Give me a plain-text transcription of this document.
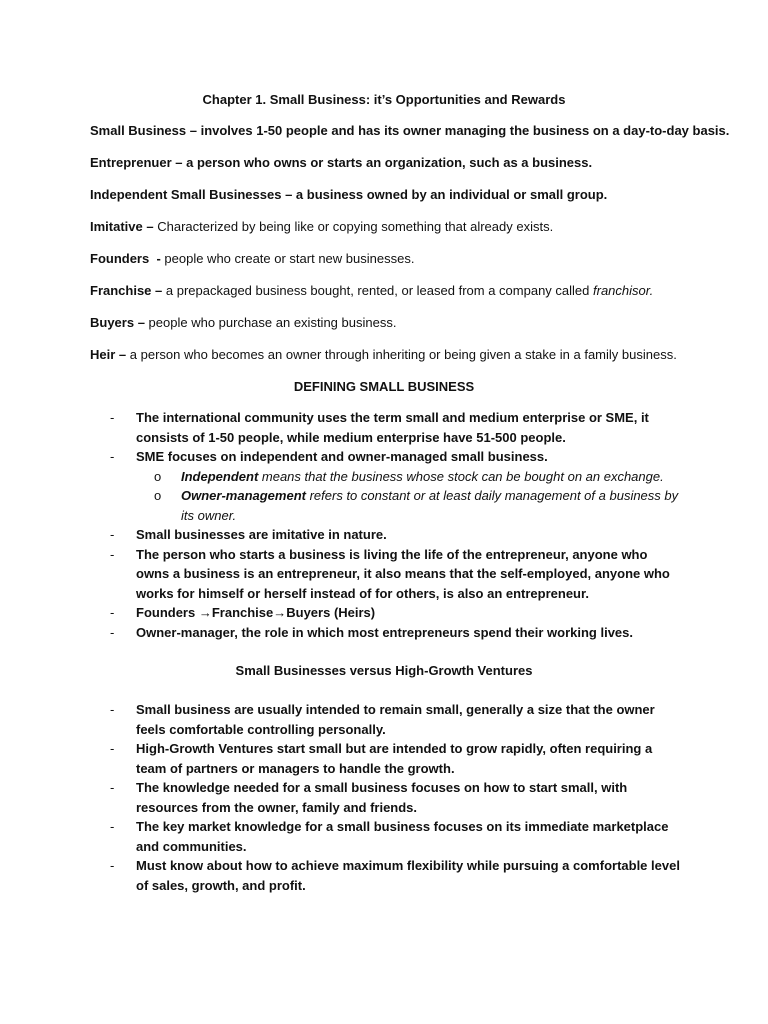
Chapter 1. Small Business: it’s Opportunities and Rewards
Small Business – involves 1-50 people and has its owner managing the business on a day-to-day basis.
Entreprenuer – a person who owns or starts an organization, such as a business.
Independent Small Businesses – a business owned by an individual or small group.
Imitative – Characterized by being like or copying something that already exists.
Founders  - people who create or start new businesses.
Franchise – a prepackaged business bought, rented, or leased from a company called franchisor.
Buyers – people who purchase an existing business.
Heir – a person who becomes an owner through inheriting or being given a stake in a family business.
DEFINING SMALL BUSINESS
- The international community uses the term small and medium enterprise or SME, it consists of 1-50 people, while medium enterprise have 51-500 people.
- SME focuses on independent and owner-managed small business.
o Independent means that the business whose stock can be bought on an exchange.
o Owner-management refers to constant or at least daily management of a business by its owner.
- Small businesses are imitative in nature.
- The person who starts a business is living the life of the entrepreneur, anyone who owns a business is an entrepreneur, it also means that the self-employed, anyone who works for himself or herself instead of for others, is also an entrepreneur.
- Founders →Franchise→Buyers (Heirs)
- Owner-manager, the role in which most entrepreneurs spend their working lives.
Small Businesses versus High-Growth Ventures
- Small business are usually intended to remain small, generally a size that the owner feels comfortable controlling personally.
- High-Growth Ventures start small but are intended to grow rapidly, often requiring a team of partners or managers to handle the growth.
- The knowledge needed for a small business focuses on how to start small, with resources from the owner, family and friends.
- The key market knowledge for a small business focuses on its immediate marketplace and communities.
- Must know about how to achieve maximum flexibility while pursuing a comfortable level of sales, growth, and profit.
